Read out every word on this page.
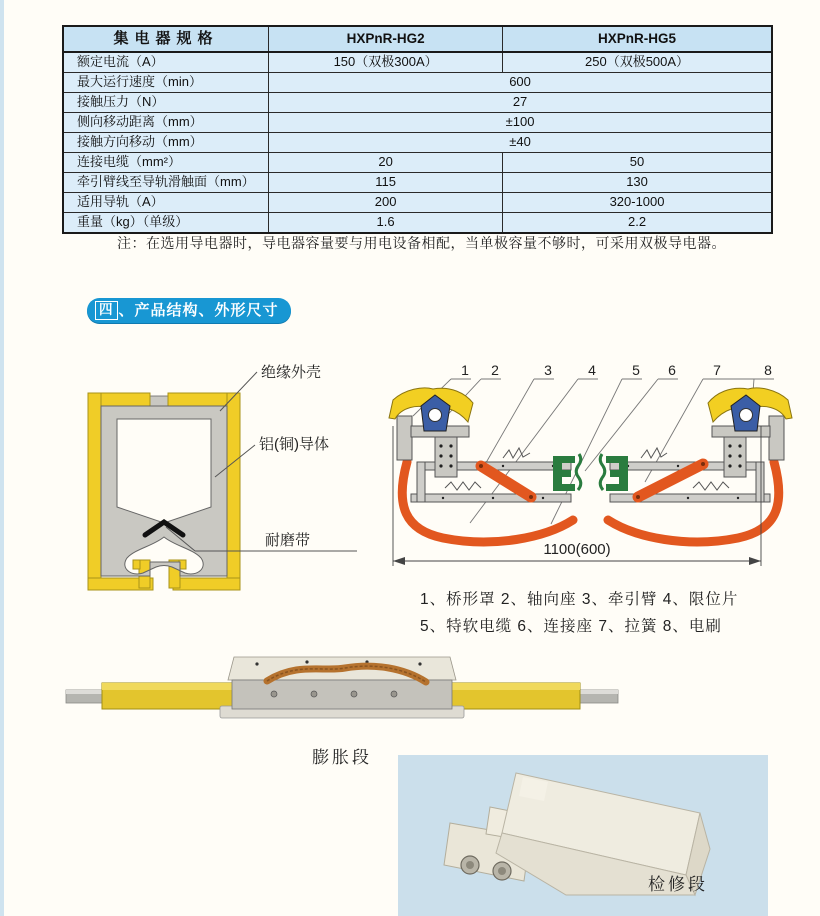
集电器规格	HXPnR-HG2	HXPnR-HG5
额定电流（A）	150（双极300A）	250（双极500A）
最大运行速度（min）	600	
接触压力（N）	27	
侧向移动距离（mm）	±100	
接触方向移动（mm）	±40	
连接电缆（mm²）	20	50
牵引臂线至导轨滑触面（mm）	115	130
适用导轨（A）	200	320-1000
重量（kg）（单级）	1.6	2.2
注：在选用导电器时，导电器容量要与用电设备相配，当单极容量不够时，可采用双极导电器。
四 、产品结构、外形尺寸
绝缘外壳
铝(铜)导体
耐磨带
1 2	3	4	5 6	7	8
1100(600)
1、桥形罩 2、轴向座 3、牵引臂 4、限位片
5、特软电缆 6、连接座 7、拉簧 8、电刷
膨胀段
检修段
